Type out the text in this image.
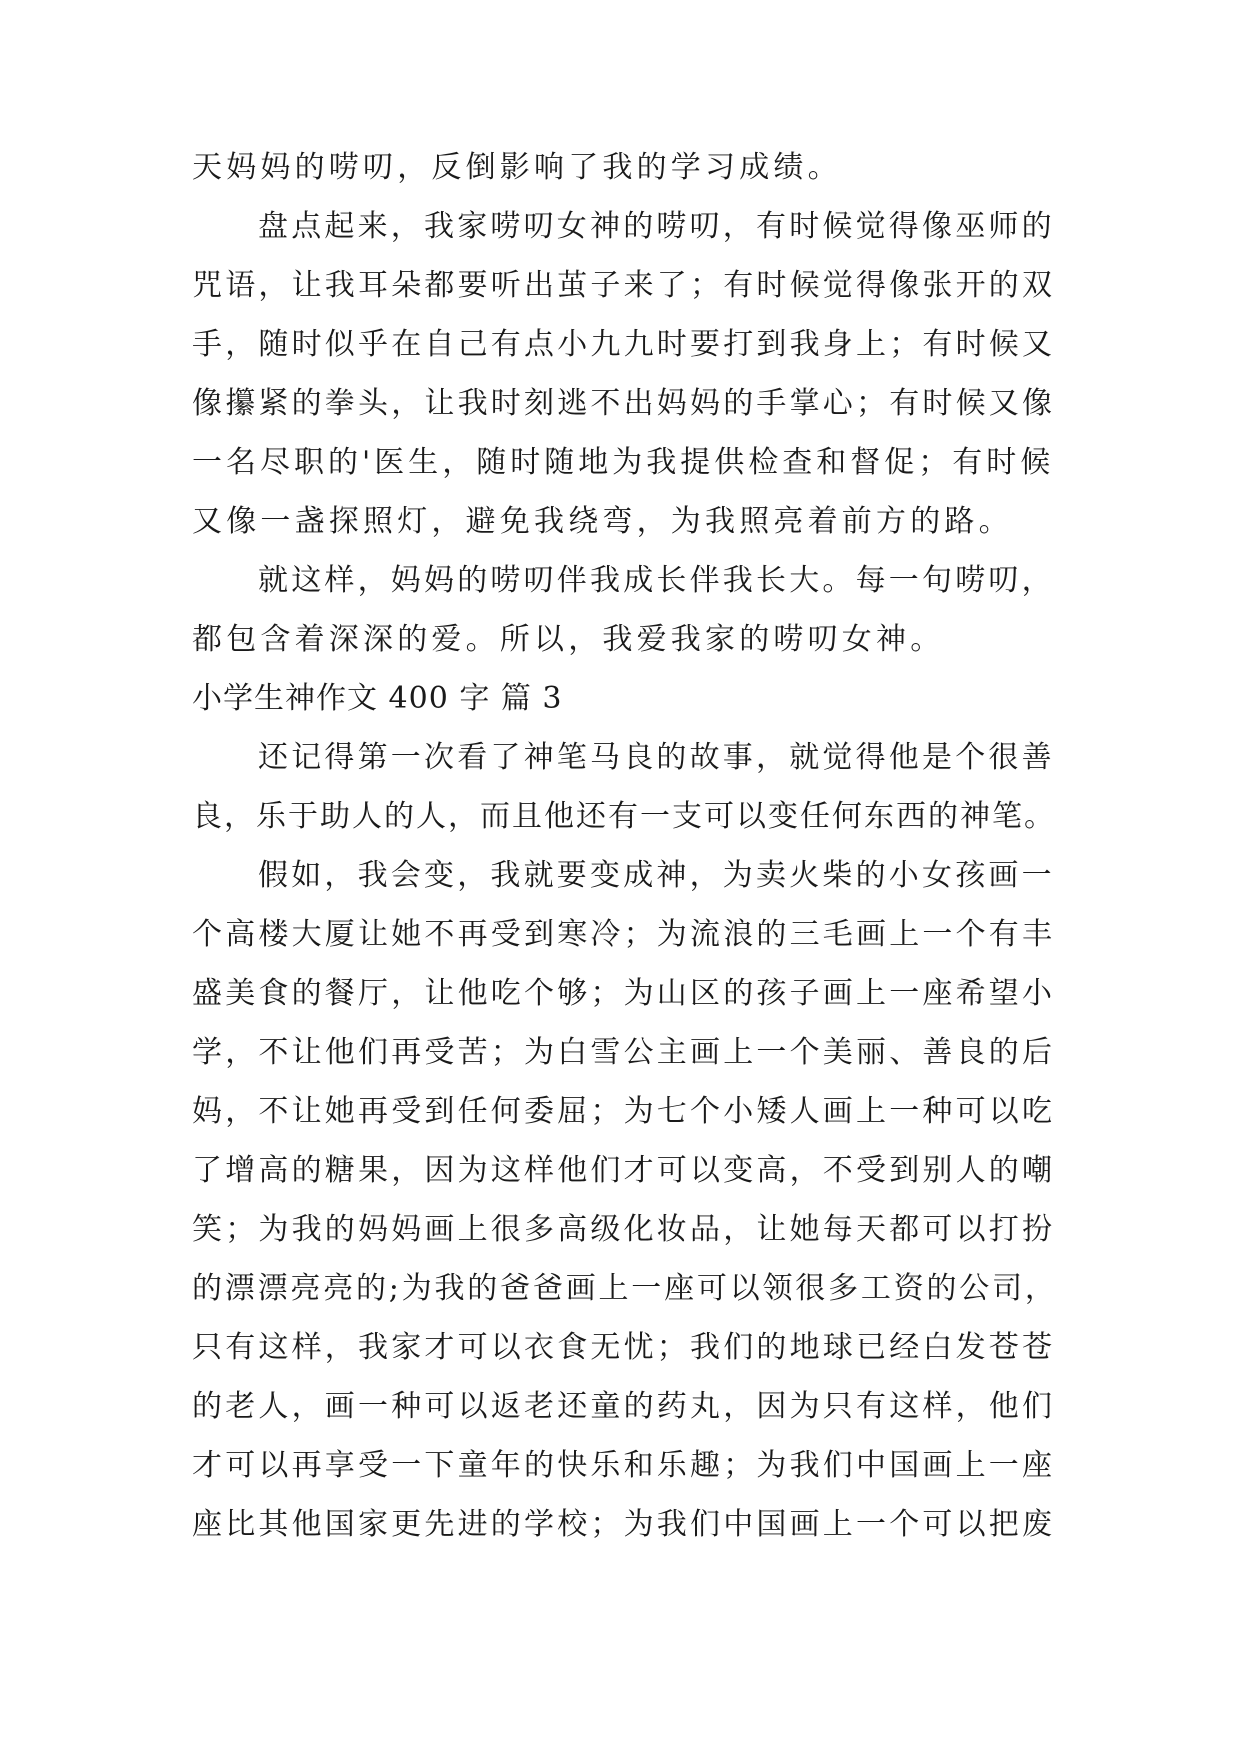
天妈妈的唠叨，反倒影响了我的学习成绩。
盘点起来，我家唠叨女神的唠叨，有时候觉得像巫师的
咒语，让我耳朵都要听出茧子来了；有时候觉得像张开的双
手，随时似乎在自己有点小九九时要打到我身上；有时候又
像攥紧的拳头，让我时刻逃不出妈妈的手掌心；有时候又像
一名尽职的'医生，随时随地为我提供检查和督促；有时候
又像一盏探照灯，避免我绕弯，为我照亮着前方的路。
就这样，妈妈的唠叨伴我成长伴我长大。每一句唠叨，
都包含着深深的爱。所以，我爱我家的唠叨女神。
小学生神作文 400 字 篇 3
还记得第一次看了神笔马良的故事，就觉得他是个很善
良，乐于助人的人，而且他还有一支可以变任何东西的神笔。
假如，我会变，我就要变成神，为卖火柴的小女孩画一
个高楼大厦让她不再受到寒冷；为流浪的三毛画上一个有丰
盛美食的餐厅，让他吃个够；为山区的孩子画上一座希望小
学，不让他们再受苦；为白雪公主画上一个美丽、善良的后
妈，不让她再受到任何委屈；为七个小矮人画上一种可以吃
了增高的糖果，因为这样他们才可以变高，不受到别人的嘲
笑；为我的妈妈画上很多高级化妆品，让她每天都可以打扮
的漂漂亮亮的;为我的爸爸画上一座可以领很多工资的公司，
只有这样，我家才可以衣食无忧；我们的地球已经白发苍苍
的老人，画一种可以返老还童的药丸，因为只有这样，他们
才可以再享受一下童年的快乐和乐趣；为我们中国画上一座
座比其他国家更先进的学校；为我们中国画上一个可以把废
